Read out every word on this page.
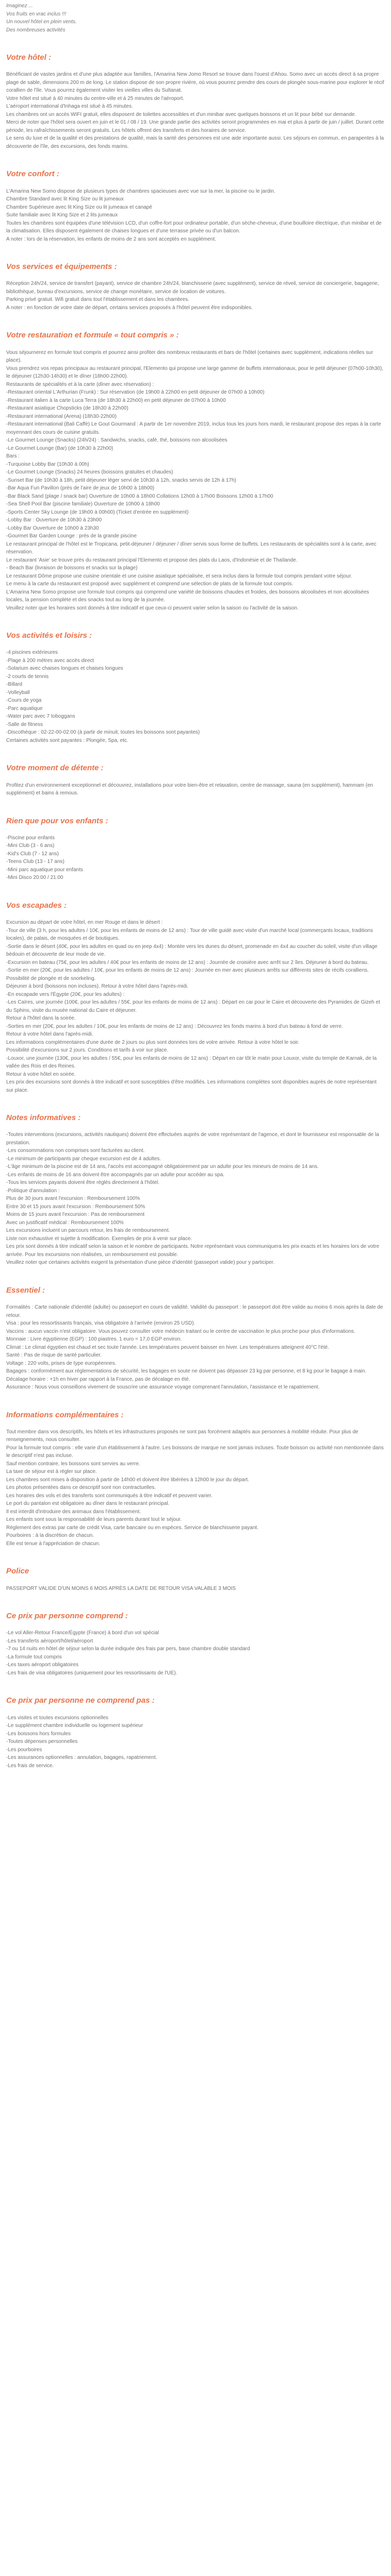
Imaginez ...

Vos fruits en vrac inclus !!!

Un nouvel hôtel en plein vents.

Des nombreuses activités

Votre hôtel :

Bénéficiant de vastes jardins et d'une plus adaptée aux familles, l'Amarina New Jomo Resort se trouve dans l'ouest d'Ahou. Somo avec un accès direct à sa propre plage de sable, dimensions 200 m de long. Le station dispose de son propre rivière, où vous pourrez prendre des cours de plongée sous-marine pour explorer le récif corallien de l'île. Vous pourrez également visiter les vieilles villes du Sultanat.

Votre hôtel est situé à 40 minutes du centre-ville et à 25 minutes de l'aéroport.

L'aéroport international d'Inhaga est situé à 45 minutes.

Les chambres ont un accès WIFI gratuit, elles disposent de toilettes accessibles et d'un minibar avec quelques boissons et un lit pour bébé sur demande.

Merci de noter que l'hôtel sera ouvert en juin et le 01 / 08 / 19. Une grande partie des activités seront programmées en mai et plus à partir de juin / juillet. Durant cette période, les rafraîchissements seront gratuits. Les hôtels offrent des transferts et des horaires de service.

Le sens du luxe et de la qualité et des prestations de qualité, mais la santé des personnes est une aide importante aussi. Les séjours en commun, en parapentes à la découverte de l'île, des excursions, des fonds marins.

Votre confort :

L'Amarina New Somo dispose de plusieurs types de chambres spacieuses avec vue sur la mer, la piscine ou le jardin.

Chambre Standard avec lit King Size ou lit jumeaux

Chambre Supérieure avec lit King Size ou lit jumeaux et canapé

Suite familiale avec lit King Size et 2 lits jumeaux

Toutes les chambres sont équipées d'une télévision LCD, d'un coffre-fort pour ordinateur portable, d'un sèche-cheveux, d'une bouilloire électrique, d'un minibar et de la climatisation. Elles disposent également de chaises longues et d'une terrasse privée ou d'un balcon.

A noter : lors de la réservation, les enfants de moins de 2 ans sont acceptés en supplément.

Vos services et équipements :

Réception 24h/24, service de transfert (payant), service de chambre 24h/24, blanchisserie (avec supplément), service de réveil, service de conciergerie, bagagerie, bibliothèque, bureau d'excursions, service de change monétaire, service de location de voitures.

Parking privé gratuit. Wifi gratuit dans tout l'établissement et dans les chambres.

A noter : en fonction de votre date de départ, certains services proposés à l'hôtel peuvent être indisponibles.

Votre restauration et formule « tout compris » :

Vous séjournerez en formule tout compris et pourrez ainsi profiter des nombreux restaurants et bars de l'hôtel (certaines avec supplément, indications réelles sur place).

Vous prendrez vos repas principaux au restaurant principal, l'Elemento qui propose une large gamme de buffets internationaux, pour le petit déjeuner (07h00-10h30), le déjeuner (12h30-14h30) et le dîner (18h00-22h00).

Restaurants de spécialités et à la carte (dîner avec réservation) :

-Restaurant oriental L'Arthurian (Frunk) : Sur réservation (de 19h00 à 22h00 en petit déjeuner de 07h00 à 10h00)

-Restaurant italien à la carte Luca Terra (de 18h30 à 22h00) en petit déjeuner de 07h00 à 10h00

-Restaurant asiatique Chopsticks (de 18h30 à 22h00)

-Restaurant international (Arena) (18h30-22h00)

-Restaurant international (Bali Caffè) Le Gout Gourmand : A partir de 1er novembre 2019, inclus tous les jours hors mardi, le restaurant propose des repas à la carte moyennant des cours de cuisine gratuits.

-Le Gourmet Lounge (Snacks) (24h/24) : Sandwichs, snacks, café, thé, boissons non alcoolisées

-Le Gourmet Lounge (Bar) (de 10h30 à 22h00)

Bars :

-Turquoise Lobby Bar (10h30 à 00h)

-Le Gourmet Lounge (Snacks) 24 heures (boissons gratuites et chaudes)

-Sunset Bar (de 10h30 à 18h, petit déjeuner léger servi de 10h30 à 12h, snacks servis de 12h à 17h)

-Bar Aqua Fun Pavillon (près de l'aire de jeux de 10h00 à 18h00)

-Bar Black Sand (plage / snack bar) Ouverture de 10h00 à 18h00 Collations 12h00 à 17h00 Boissons 12h00 à 17h00

-Sea Shell Pool Bar (piscine familiale) Ouverture de 10h00 à 18h00

-Sports Center Sky Lounge (de 19h00 à 00h00) (Ticket d'entrée en supplément)

-Lobby Bar : Ouverture de 10h30 à 23h00

-Lobby Bar Ouverture de 10h00 à 23h30

-Gourmet Bar Garden Lounge : près de la grande piscine

Le restaurant principal de l'hôtel est le Tropicana, petit-déjeuner / déjeuner / dîner servis sous forme de buffets. Les restaurants de spécialités sont à la carte, avec réservation.

Le restaurant 'Asie' se trouve près du restaurant principal l'Elemento et propose des plats du Laos, d'Indonésie et de Thaïlande.

- Beach Bar (livraison de boissons et snacks sur la plage)

Le restaurant Dôme propose une cuisine orientale et une cuisine asiatique spécialisée, et sera inclus dans la formule tout compris pendant votre séjour.

Le menu à la carte du restaurant est proposé avec supplément et comprend une sélection de plats de la formule tout compris.

L'Amarina New Somo propose une formule tout compris qui comprend une variété de boissons chaudes et froides, des boissons alcoolisées et non alcoolisées locales, la pension complète et des snacks tout au long de la journée.

Veuillez noter que les horaires sont donnés à titre indicatif et que ceux-ci peuvent varier selon la saison ou l'activité de la saison.

Vos activités et loisirs :

-4 piscines extérieures

-Plage à 200 mètres avec accès direct

-Solarium avec chaises longues et chaises longues

-2 courts de tennis

-Billard

-Volleyball

-Cours de yoga

-Parc aquatique

-Water parc avec 7 toboggans

-Salle de fitness

-Discothèque : 02-22-00-02:00 (à partir de minuit, toutes les boissons sont payantes)

Certaines activités sont payantes : Plongée, Spa, etc.

Votre moment de détente :

Profitez d'un environnement exceptionnel et découvrez, installations pour votre bien-être et relaxation, centre de massage, sauna (en supplément), hammam (en supplément) et bains à remous.

Rien que pour vos enfants :

-Piscine pour enfants

-Mini Club (3 - 6 ans)

-Kid's Club (7 - 12 ans)

-Teens Club (13 - 17 ans)

-Mini parc aquatique pour enfants

-Mini Disco 20:00 / 21:00

Vos escapades :

Excursion au départ de votre hôtel, en mer Rouge et dans le désert :

-Tour de ville (3 h, pour les adultes / 10€, pour les enfants de moins de 12 ans) : Tour de ville guidé avec visite d'un marché local (commerçants locaux, traditions locales), de palais, de mosquées et de boutiques.

-Sortie dans le désert (40€, pour les adultes en quad ou en jeep 4x4) : Montée vers les dunes du désert, promenade en 4x4 au coucher du soleil, visite d'un village bédouin et découverte de leur mode de vie.

-Excursion en bateau (75€, pour les adultes / 40€ pour les enfants de moins de 12 ans) : Journée de croisière avec arrêt sur 2 îles. Déjeuner à bord du bateau.

-Sortie en mer (20€, pour les adultes / 10€, pour les enfants de moins de 12 ans) : Journée en mer avec plusieurs arrêts sur différents sites de récifs coralliens. Possibilité de plongée et de snorkeling.

Déjeuner à bord (boissons non incluses). Retour à votre hôtel dans l'après-midi.

-En escapade vers l'Égypte (20€, pour les adultes) :

-Les Caïres, une journée (100€, pour les adultes / 55€, pour les enfants de moins de 12 ans) : Départ en car pour le Caire et découverte des Pyramides de Gizeh et du Sphinx, visite du musée national du Caire et déjeuner.

Retour à l'hôtel dans la soirée.

-Sorties en mer (20€, pour les adultes / 10€, pour les enfants de moins de 12 ans) : Découvrez les fonds marins à bord d'un bateau à fond de verre.

Retour à votre hôtel dans l'après-midi.

Les informations complémentaires d'une durée de 2 jours ou plus sont données lors de votre arrivée. Retour à votre hôtel le soir.

Possibilité d'excursions sur 2 jours. Conditions et tarifs à voir sur place.

-Louxor, une journée (130€, pour les adultes / 55€, pour les enfants de moins de 12 ans) : Départ en car tôt le matin pour Louxor, visite du temple de Karnak, de la vallée des Rois et des Reines.

Retour à votre hôtel en soirée.

Les prix des excursions sont donnés à titre indicatif et sont susceptibles d'être modifiés. Les informations complètes sont disponibles auprès de notre représentant sur place.

Notes informatives :

-Toutes interventions (excursions, activités nautiques) doivent être effectuées auprès de votre représentant de l'agence, et dont le fournisseur est responsable de la prestation.

-Les consommations non comprises sont facturées au client.

-Le minimum de participants par cheque excursion est de 4 adultes.

-L'âge minimum de la piscine est de 14 ans, l'accès est accompagné obligatoirement par un adulte pour les mineurs de moins de 14 ans.

-Les enfants de moins de 16 ans doivent être accompagnés par un adulte pour accéder au spa.

-Tous les services payants doivent être réglés directement à l'hôtel.

-Politique d'annulation :

Plus de 30 jours avant l'excursion : Remboursement 100%

Entre 30 et 15 jours avant l'excursion : Remboursement 50%

Moins de 15 jours avant l'excursion : Pas de remboursement

Avec un justificatif médical : Remboursement 100%

Les excursions incluent un parcours retour, les frais de remboursement.

Liste non exhaustive et sujette à modification. Exemples de prix à venir sur place.

Les prix sont donnés à titre indicatif selon la saison et le nombre de participants. Notre représentant vous communiquera les prix exacts et les horaires lors de votre arrivée. Pour les excursions non réalisées, un remboursement est possible.

Veuillez noter que certaines activités exigent la présentation d'une pièce d'identité (passeport valide) pour y participer.

Essentiel :

Formalités : Carte nationale d'identité (adulte) ou passeport en cours de validité. Validité du passeport : le passeport doit être valide au moins 6 mois après la date de retour.

Visa : pour les ressortissants français, visa obligatoire à l'arrivée (environ 25 USD).

Vaccins : aucun vaccin n'est obligatoire. Vous pouvez consulter votre médecin traitant ou le centre de vaccination le plus proche pour plus d'informations.

Monnaie : Livre égyptienne (EGP) : 100 piastres. 1 euro = 17,0 EGP environ.

Climat : Le climat égyptien est chaud et sec toute l'année. Les températures peuvent baisser en hiver. Les températures atteignent 40°C l'été.

Santé : Pas de risque de santé particulier.

Voltage : 220 volts, prises de type européennes.

Bagages : conformément aux réglementations de sécurité, les bagages en soute ne doivent pas dépasser 23 kg par personne, et 8 kg pour le bagage à main.

Décalage horaire : +1h en hiver par rapport à la France, pas de décalage en été.

Assurance : Nous vous conseillons vivement de souscrire une assurance voyage comprenant l'annulation, l'assistance et le rapatriement.

Informations complémentaires :

Tout membre dans vos descriptifs, les hôtels et les infrastructures proposés ne sont pas forcément adaptés aux personnes à mobilité réduite. Pour plus de renseignements, nous consulter.

Pour la formule tout compris : elle varie d'un établissement à l'autre. Les boissons de marque ne sont jamais incluses. Toute boisson ou activité non mentionnée dans le descriptif n'est pas incluse.

Sauf mention contraire, les boissons sont servies au verre.

La taxe de séjour est à régler sur place.

Les chambres sont mises à disposition à partir de 14h00 et doivent être libérées à 12h00 le jour du départ.

Les photos présentées dans ce descriptif sont non contractuelles.

Les horaires des vols et des transferts sont communiqués à titre indicatif et peuvent varier.

Le port du pantalon est obligatoire au dîner dans le restaurant principal.

Il est interdit d'introduire des animaux dans l'établissement.

Les enfants sont sous la responsabilité de leurs parents durant tout le séjour.

Réglement des extras par carte de crédit Visa, carte bancaire ou en espèces. Service de blanchisserie payant.

Pourboires : à la discrétion de chacun.

Elle est tenue à l'appréciation de chacun.

Police

PASSEPORT VALIDE D'UN MOINS 6 MOIS APRÈS LA DATE DE RETOUR VISA VALABLE 3 MOIS

Ce prix par personne comprend :

-Le vol Aller-Retour France/Égypte (France) à bord d'un vol spécial

-Les transferts aéroport/hôtel/aéroport

-7 ou 14 nuits en hôtel de séjour selon la durée indiquée des frais par pers, base chambre double standard

-La formule tout compris

-Les taxes aéroport obligatoires

-Les frais de visa obligatoires (uniquement pour les ressortissants de l'UE).

Ce prix par personne ne comprend pas :

-Les visites et toutes excursions optionnelles

-Le supplément chambre individuelle ou logement supérieur

-Les boissons hors formules

-Toutes dépenses personnelles

-Les pourboires

-Les assurances optionnelles : annulation, bagages, rapatriement.

-Les frais de service.
